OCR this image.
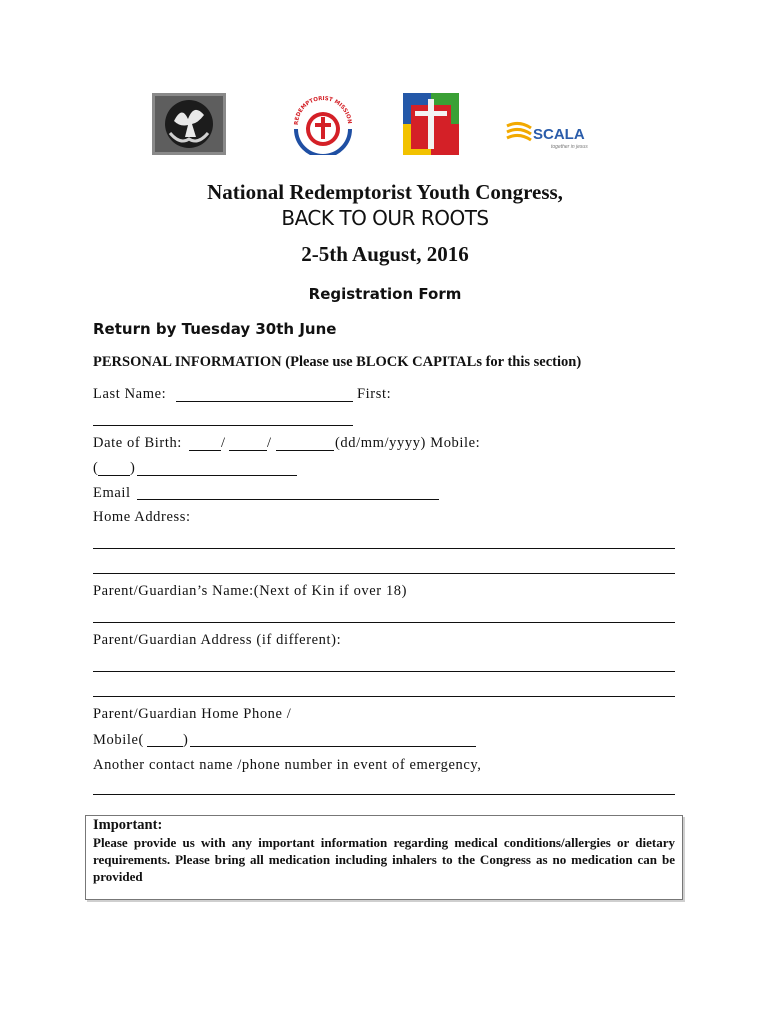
REDEMPTORIST MISSION
SCALA
together in jesus
National Redemptorist Youth Congress,
BACK TO OUR ROOTS
2-5th August, 2016
Registration Form
Return by Tuesday 30th June
PERSONAL INFORMATION (Please use BLOCK CAPITALs for this section)
Last Name:	First:
Date of Birth:	/	/	(dd/mm/yyyy) Mobile:
( )
Email
Home Address:
Parent/Guardian’s Name:(Next of Kin if over 18)
Parent/Guardian Address (if different):
Parent/Guardian Home Phone /
Mobile(	)
Another contact name /phone number in event of emergency,
Important:
Please provide us with any important information regarding medical conditions/allergies or dietary requirements. Please bring all medication including inhalers to the Congress as no medication can be provided
